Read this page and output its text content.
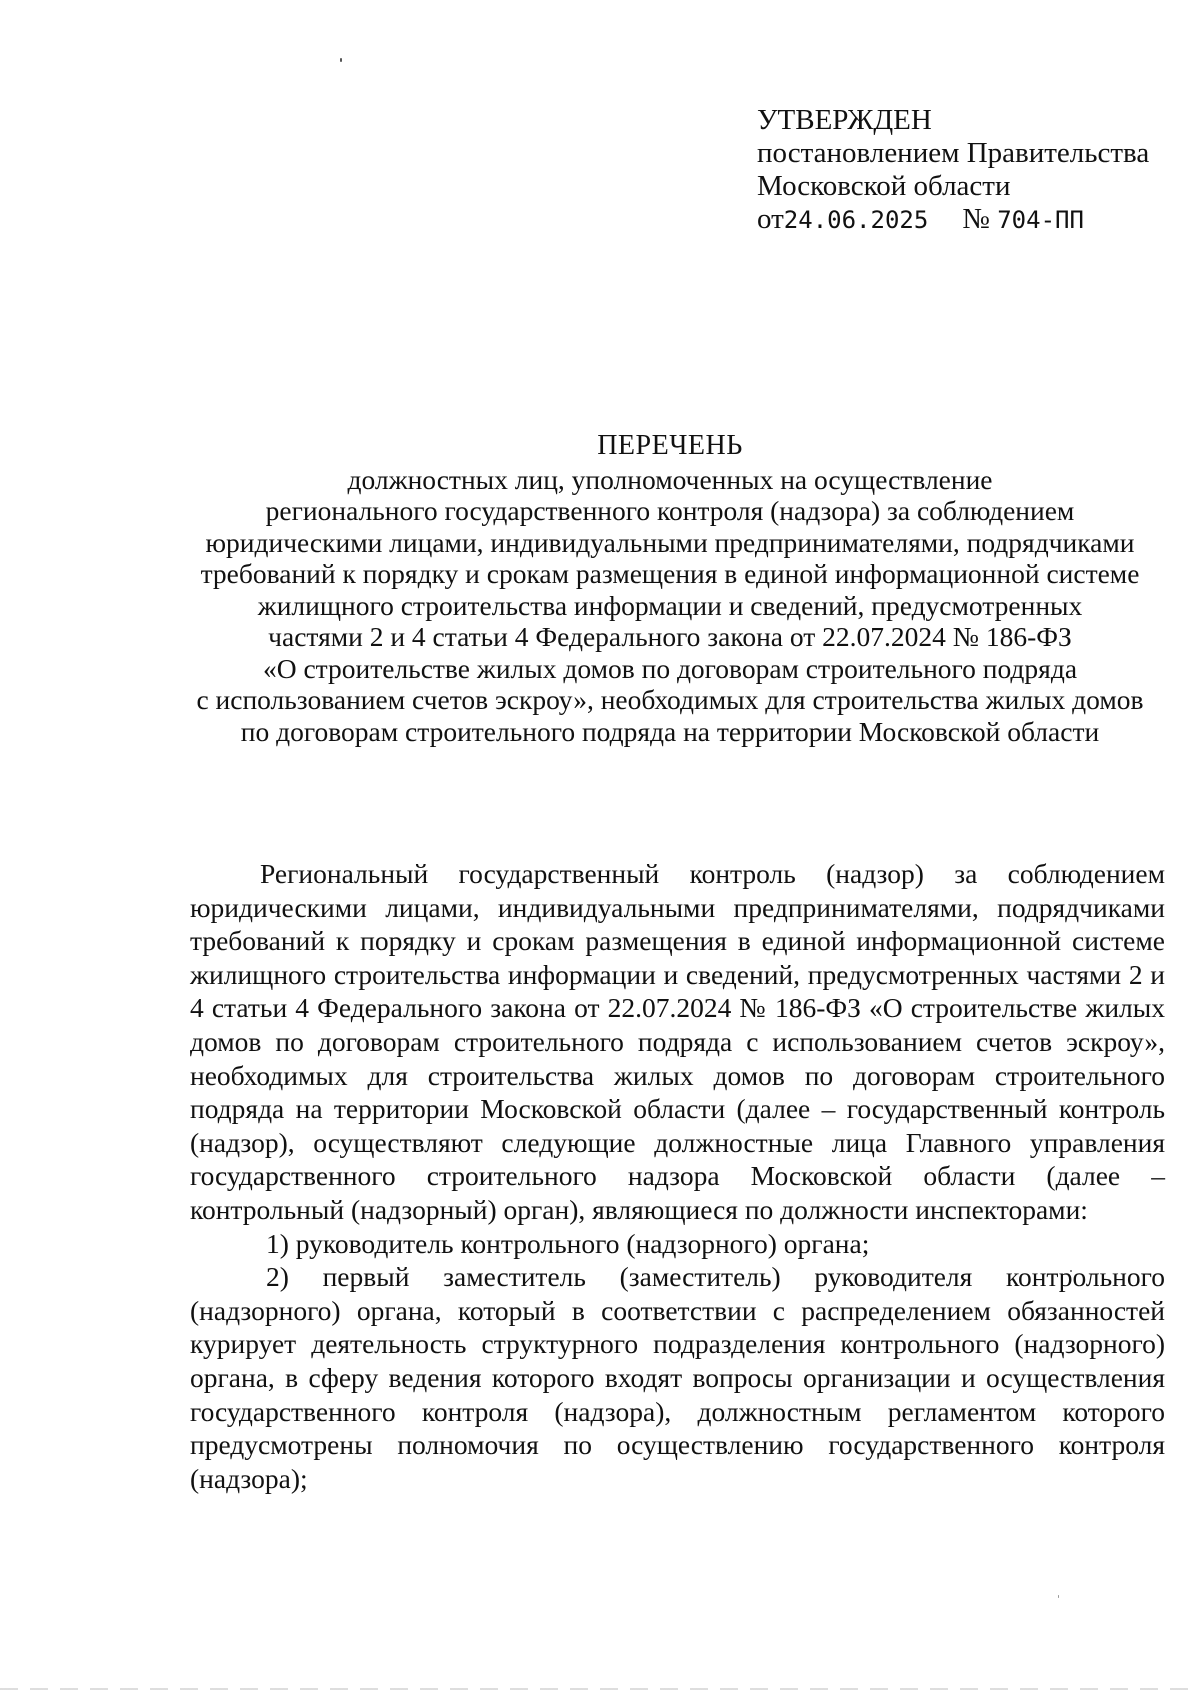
УТВЕРЖДЕН
постановлением Правительства
Московской области
от24.06.2025 № 704-ПП
ПЕРЕЧЕНЬ
должностных лиц, уполномоченных на осуществление
регионального государственного контроля (надзора) за соблюдением
юридическими лицами, индивидуальными предпринимателями, подрядчиками
требований к порядку и срокам размещения в единой информационной системе
жилищного строительства информации и сведений, предусмотренных
частями 2 и 4 статьи 4 Федерального закона от 22.07.2024 № 186-ФЗ
«О строительстве жилых домов по договорам строительного подряда
с использованием счетов эскроу», необходимых для строительства жилых домов
по договорам строительного подряда на территории Московской области

Региональный государственный контроль (надзор) за соблюдением юридическими лицами, индивидуальными предпринимателями, подрядчиками требований к порядку и срокам размещения в единой информационной системе жилищного строительства информации и сведений, предусмотренных частями 2 и 4 статьи 4 Федерального закона от 22.07.2024 № 186-ФЗ «О строительстве жилых домов по договорам строительного подряда с использованием счетов эскроу», необходимых для строительства жилых домов по договорам строительного подряда на территории Московской области (далее – государственный контроль (надзор), осуществляют следующие должностные лица Главного управления государственного строительного надзора Московской области (далее – контрольный (надзорный) орган), являющиеся по должности инспекторами:

1) руководитель контрольного (надзорного) органа;

2) первый заместитель (заместитель) руководителя контрольного (надзорного) органа, который в соответствии с распределением обязанностей курирует деятельность структурного подразделения контрольного (надзорного) органа, в сферу ведения которого входят вопросы организации и осуществления государственного контроля (надзора), должностным регламентом которого предусмотрены полномочия по осуществлению государственного контроля (надзора);
